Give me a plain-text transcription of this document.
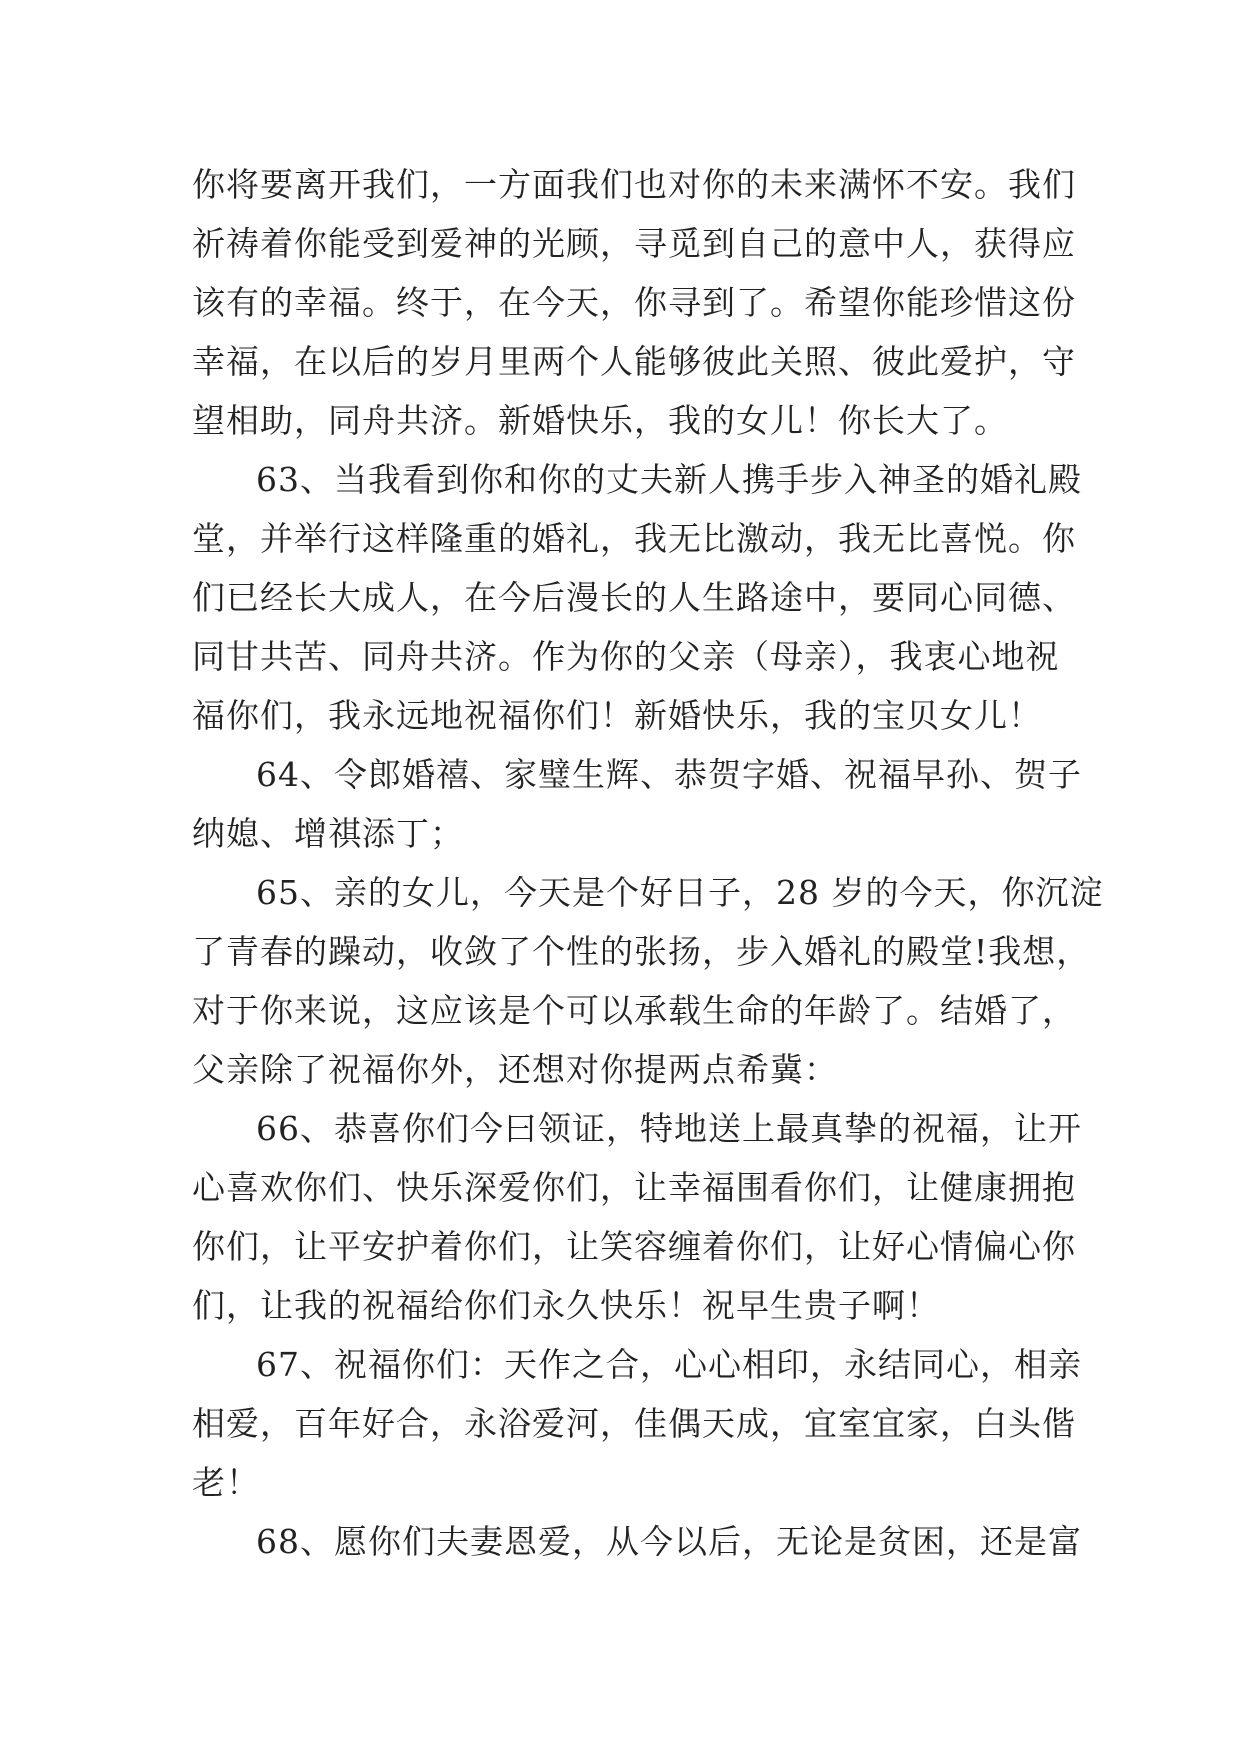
你将要离开我们，一方面我们也对你的未来满怀不安。我们
祈祷着你能受到爱神的光顾，寻觅到自己的意中人，获得应
该有的幸福。终于，在今天，你寻到了。希望你能珍惜这份
幸福，在以后的岁月里两个人能够彼此关照、彼此爱护，守
望相助，同舟共济。新婚快乐，我的女儿！你长大了。
63、当我看到你和你的丈夫新人携手步入神圣的婚礼殿
堂，并举行这样隆重的婚礼，我无比激动，我无比喜悦。你
们已经长大成人，在今后漫长的人生路途中，要同心同德、
同甘共苦、同舟共济。作为你的父亲（母亲），我衷心地祝
福你们，我永远地祝福你们！新婚快乐，我的宝贝女儿！
64、令郎婚禧、家璧生辉、恭贺字婚、祝福早孙、贺子
纳媳、增祺添丁；
65、亲的女儿，今天是个好日子，28 岁的今天，你沉淀
了青春的躁动，收敛了个性的张扬，步入婚礼的殿堂!我想，
对于你来说，这应该是个可以承载生命的年龄了。结婚了，
父亲除了祝福你外，还想对你提两点希冀：
66、恭喜你们今曰领证，特地送上最真挚的祝福，让开
心喜欢你们、快乐深爱你们，让幸福围看你们，让健康拥抱
你们，让平安护着你们，让笑容缠着你们，让好心情偏心你
们，让我的祝福给你们永久快乐！祝早生贵子啊！
67、祝福你们：天作之合，心心相印，永结同心，相亲
相爱，百年好合，永浴爱河，佳偶天成，宜室宜家，白头偕
老！
68、愿你们夫妻恩爱，从今以后，无论是贫困，还是富
